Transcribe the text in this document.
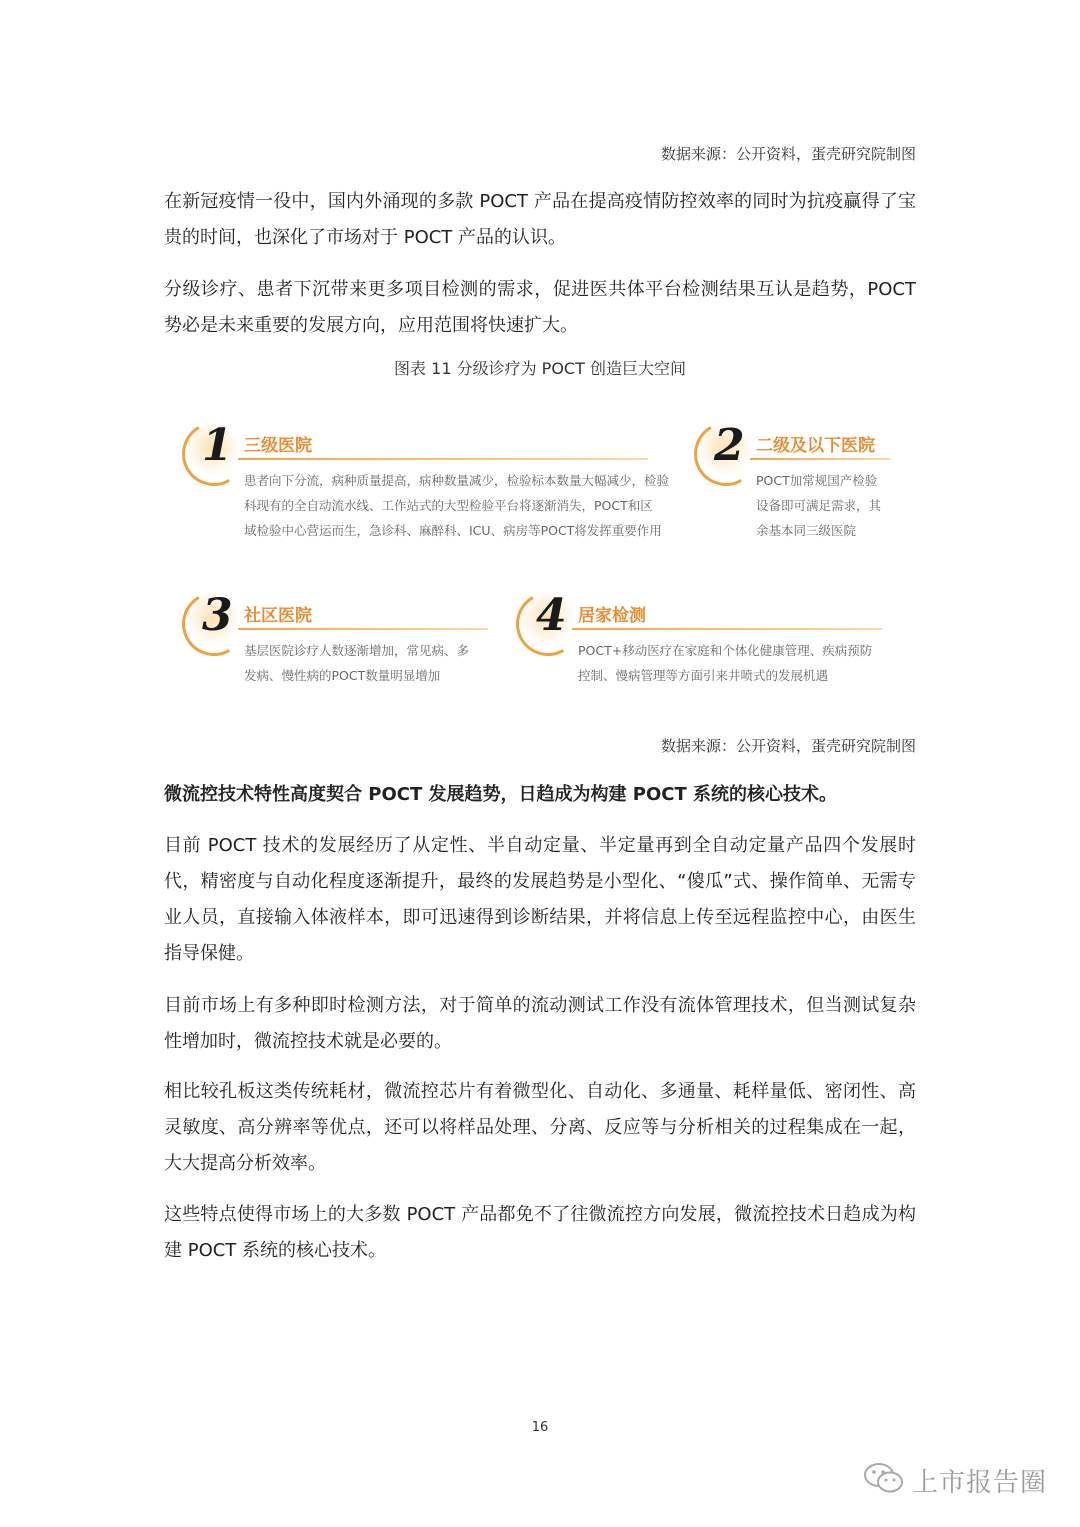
数据来源：公开资料，蛋壳研究院制图

在新冠疫情一役中，国内外涌现的多款 POCT 产品在提高疫情防控效率的同时为抗疫赢得了宝贵的时间，也深化了市场对于 POCT 产品的认识。

分级诊疗、患者下沉带来更多项目检测的需求，促进医共体平台检测结果互认是趋势，POCT 势必是未来重要的发展方向，应用范围将快速扩大。

图表 11 分级诊疗为 POCT 创造巨大空间
1 三级医院
患者向下分流，病种质量提高，病种数量减少，检验标本数量大幅减少，检验
科现有的全自动流水线、工作站式的大型检验平台将逐渐消失，POCT和区
域检验中心营运而生，急诊科、麻醉科、ICU、病房等POCT将发挥重要作用
2 二级及以下医院
POCT加常规国产检验
设备即可满足需求，其
余基本同三级医院
3 社区医院
基层医院诊疗人数逐渐增加，常见病、多
发病、慢性病的POCT数量明显增加
4 居家检测
POCT+移动医疗在家庭和个体化健康管理、疾病预防
控制、慢病管理等方面引来井喷式的发展机遇
数据来源：公开资料，蛋壳研究院制图

微流控技术特性高度契合 POCT 发展趋势，日趋成为构建 POCT 系统的核心技术。

目前 POCT 技术的发展经历了从定性、半自动定量、半定量再到全自动定量产品四个发展时代，精密度与自动化程度逐渐提升，最终的发展趋势是小型化、“傻瓜”式、操作简单、无需专业人员，直接输入体液样本，即可迅速得到诊断结果，并将信息上传至远程监控中心，由医生指导保健。

目前市场上有多种即时检测方法，对于简单的流动测试工作没有流体管理技术，但当测试复杂性增加时，微流控技术就是必要的。

相比较孔板这类传统耗材，微流控芯片有着微型化、自动化、多通量、耗样量低、密闭性、高灵敏度、高分辨率等优点，还可以将样品处理、分离、反应等与分析相关的过程集成在一起，大大提高分析效率。

这些特点使得市场上的大多数 POCT 产品都免不了往微流控方向发展，微流控技术日趋成为构建 POCT 系统的核心技术。

16
上市报告圈
